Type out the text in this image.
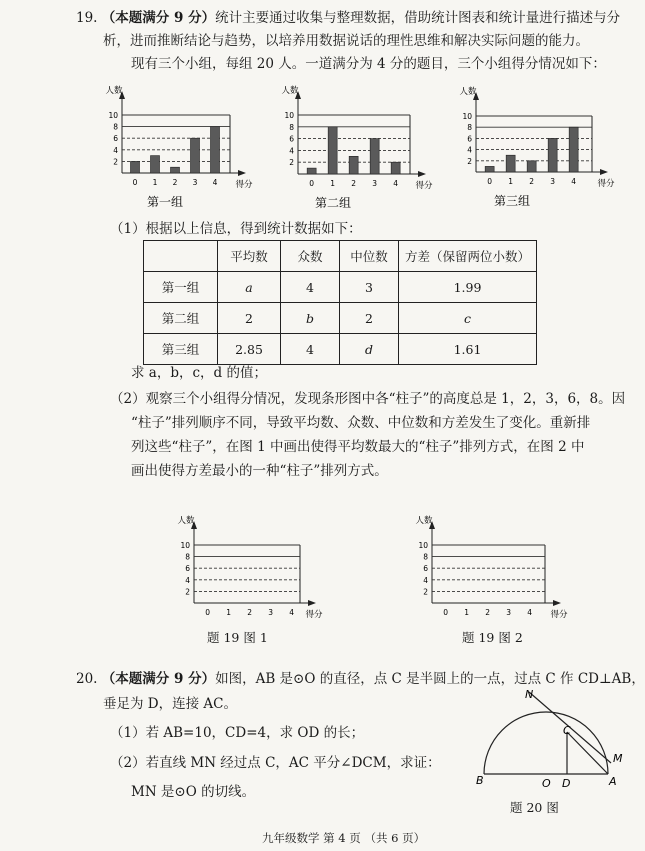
19. （本题满分 9 分）统计主要通过收集与整理数据，借助统计图表和统计量进行描述与分
析，进而推断结论与趋势，以培养用数据说话的理性思维和解决实际问题的能力。
现有三个小组，每组 20 人。一道满分为 4 分的题目，三个小组得分情况如下：
2
4
6
8
10
人数
0 1 2 3 4 得分
第一组
2
4
6
8
10
人数
0 1 2 3 4 得分
第二组
2
4
6
8
10
人数
0 1 2 3 4	得分
第三组
2
4
6
8
10
人数
0 1 2 3 4 得分
2
4
6
8
10
人数
0 1 2 3 4 得分
（1）根据以上信息，得到统计数据如下：
	平均数	众数	中位数	方差（保留两位小数）
第一组	a	4	3	1.99
第二组	2	b	2	c
第三组	2.85	4	d	1.61
求 a，b，c，d 的值；
（2）观察三个小组得分情况，发现条形图中各“柱子”的高度总是 1，2，3，6，8。因
“柱子”排列顺序不同，导致平均数、众数、中位数和方差发生了变化。重新排
列这些“柱子”，在图 1 中画出使得平均数最大的“柱子”排列方式，在图 2 中
画出使得方差最小的一种“柱子”排列方式。
题 19 图 1	题 19 图 2
20. （本题满分 9 分）如图，AB 是⊙O 的直径，点 C 是半圆上的一点，过点 C 作 CD⊥AB，
垂足为 D，连接 AC。
（1）若 AB=10，CD=4，求 OD 的长；
（2）若直线 MN 经过点 C，AC 平分∠DCM，求证：
MN 是⊙O 的切线。
N
C
M
B	O D	A
题 20 图
九年级数学 第 4 页 （共 6 页）
